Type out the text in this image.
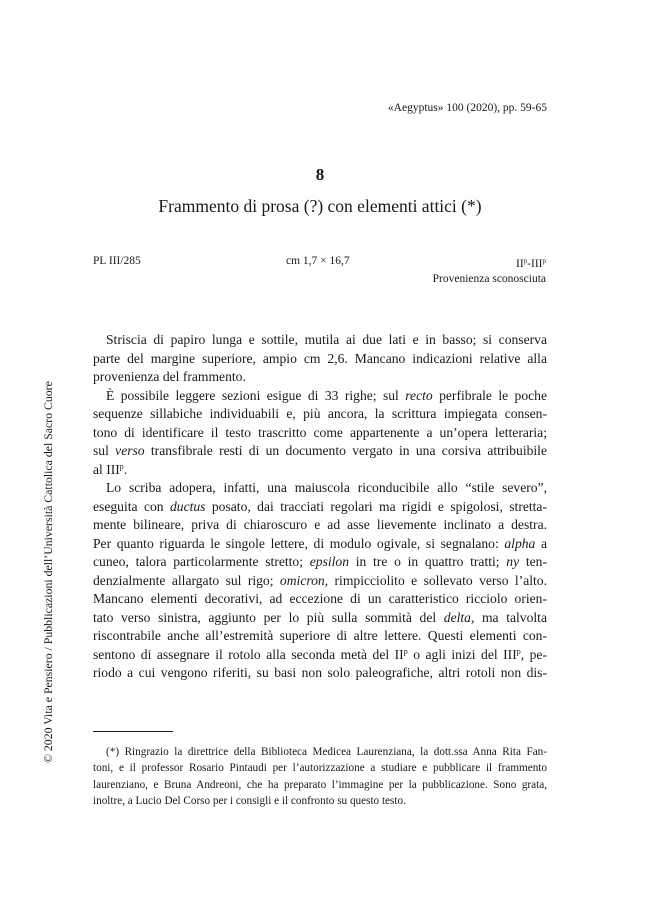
«Aegyptus» 100 (2020), pp. 59-65
8
Frammento di prosa (?) con elementi attici (*)
PL III/285	cm 1,7 × 16,7	$II^p-III^p$
Provenienza sconosciuta
Striscia di papiro lunga e sottile, mutila ai due lati e in basso; si conserva
parte del margine superiore, ampio cm 2,6. Mancano indicazioni relative alla
provenienza del frammento.
È possibile leggere sezioni esigue di 33 righe; sul recto perfibrale le poche
sequenze sillabiche individuabili e, più ancora, la scrittura impiegata consen-
tono di identificare il testo trascritto come appartenente a un’opera letteraria;
sul verso transfibrale resti di un documento vergato in una corsiva attribuibile
al III$^p$.
Lo scriba adopera, infatti, una maiuscola riconducibile allo “stile severo”,
eseguita con ductus posato, dai tracciati regolari ma rigidi e spigolosi, stretta-
mente bilineare, priva di chiaroscuro e ad asse lievemente inclinato a destra.
Per quanto riguarda le singole lettere, di modulo ogivale, si segnalano: alpha a
cuneo, talora particolarmente stretto; epsilon in tre o in quattro tratti; ny ten-
denzialmente allargato sul rigo; omicron, rimpicciolito e sollevato verso l’alto.
Mancano elementi decorativi, ad eccezione di un caratteristico ricciolo orien-
tato verso sinistra, aggiunto per lo più sulla sommità del delta, ma talvolta
riscontrabile anche all’estremità superiore di altre lettere. Questi elementi con-
sentono di assegnare il rotolo alla seconda metà del $II^p$ o agli inizi del III$^p$, pe-
riodo a cui vengono riferiti, su basi non solo paleografiche, altri rotoli non dis-
(*) Ringrazio la direttrice della Biblioteca Medicea Laurenziana, la dott.ssa Anna Rita Fan-
toni, e il professor Rosario Pintaudi per l’autorizzazione a studiare e pubblicare il frammento
laurenziano, e Bruna Andreoni, che ha preparato l’immagine per la pubblicazione. Sono grata,
inoltre, a Lucio Del Corso per i consigli e il confronto su questo testo.
© 2020 Vita e Pensiero / Pubblicazioni dell’Università Cattolica del Sacro Cuore
